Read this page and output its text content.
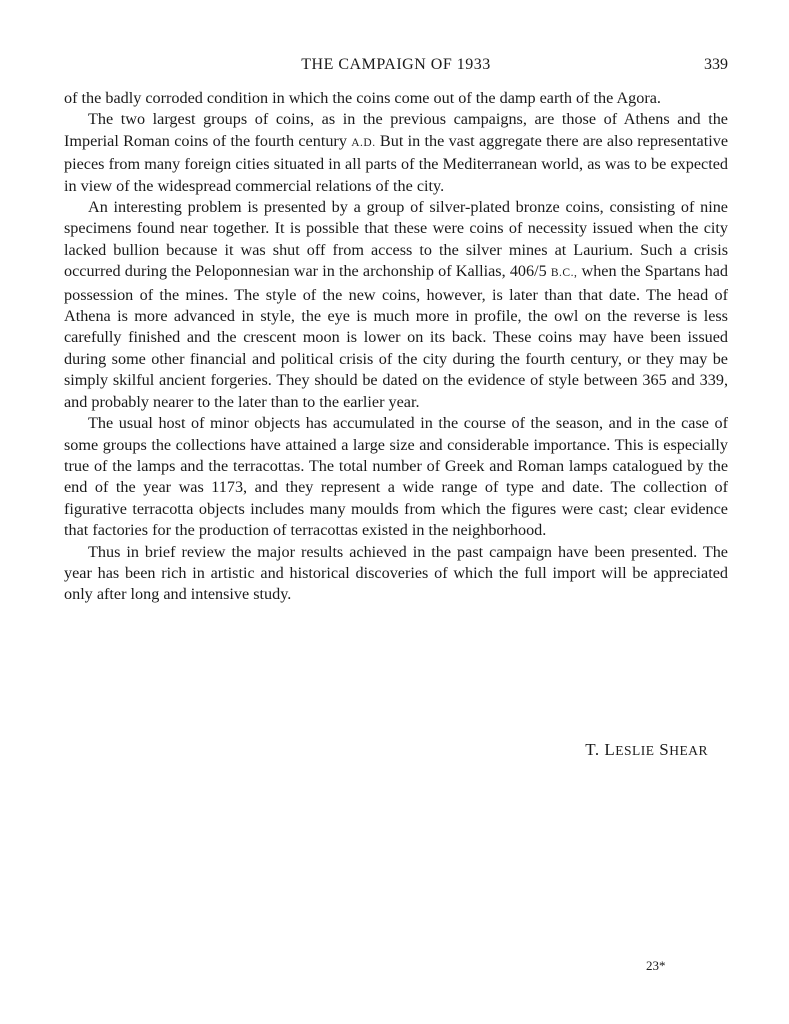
THE CAMPAIGN OF 1933	339

of the badly corroded condition in which the coins come out of the damp earth of the Agora.

The two largest groups of coins, as in the previous campaigns, are those of Athens and the Imperial Roman coins of the fourth century A.D. But in the vast aggregate there are also representative pieces from many foreign cities situated in all parts of the Mediterranean world, as was to be expected in view of the widespread commercial relations of the city.

An interesting problem is presented by a group of silver-plated bronze coins, consisting of nine specimens found near together. It is possible that these were coins of necessity issued when the city lacked bullion because it was shut off from access to the silver mines at Laurium. Such a crisis occurred during the Peloponnesian war in the archonship of Kallias, 406/5 B.C., when the Spartans had possession of the mines. The style of the new coins, however, is later than that date. The head of Athena is more advanced in style, the eye is much more in profile, the owl on the reverse is less carefully finished and the crescent moon is lower on its back. These coins may have been issued during some other financial and political crisis of the city during the fourth century, or they may be simply skilful ancient forgeries. They should be dated on the evidence of style between 365 and 339, and probably nearer to the later than to the earlier year.

The usual host of minor objects has accumulated in the course of the season, and in the case of some groups the collections have attained a large size and considerable importance. This is especially true of the lamps and the terracottas. The total number of Greek and Roman lamps catalogued by the end of the year was 1173, and they represent a wide range of type and date. The collection of figurative terracotta objects includes many moulds from which the figures were cast; clear evidence that factories for the production of terracottas existed in the neighborhood.

Thus in brief review the major results achieved in the past campaign have been presented. The year has been rich in artistic and historical discoveries of which the full import will be appreciated only after long and intensive study.

T. LESLIE SHEAR
23*
